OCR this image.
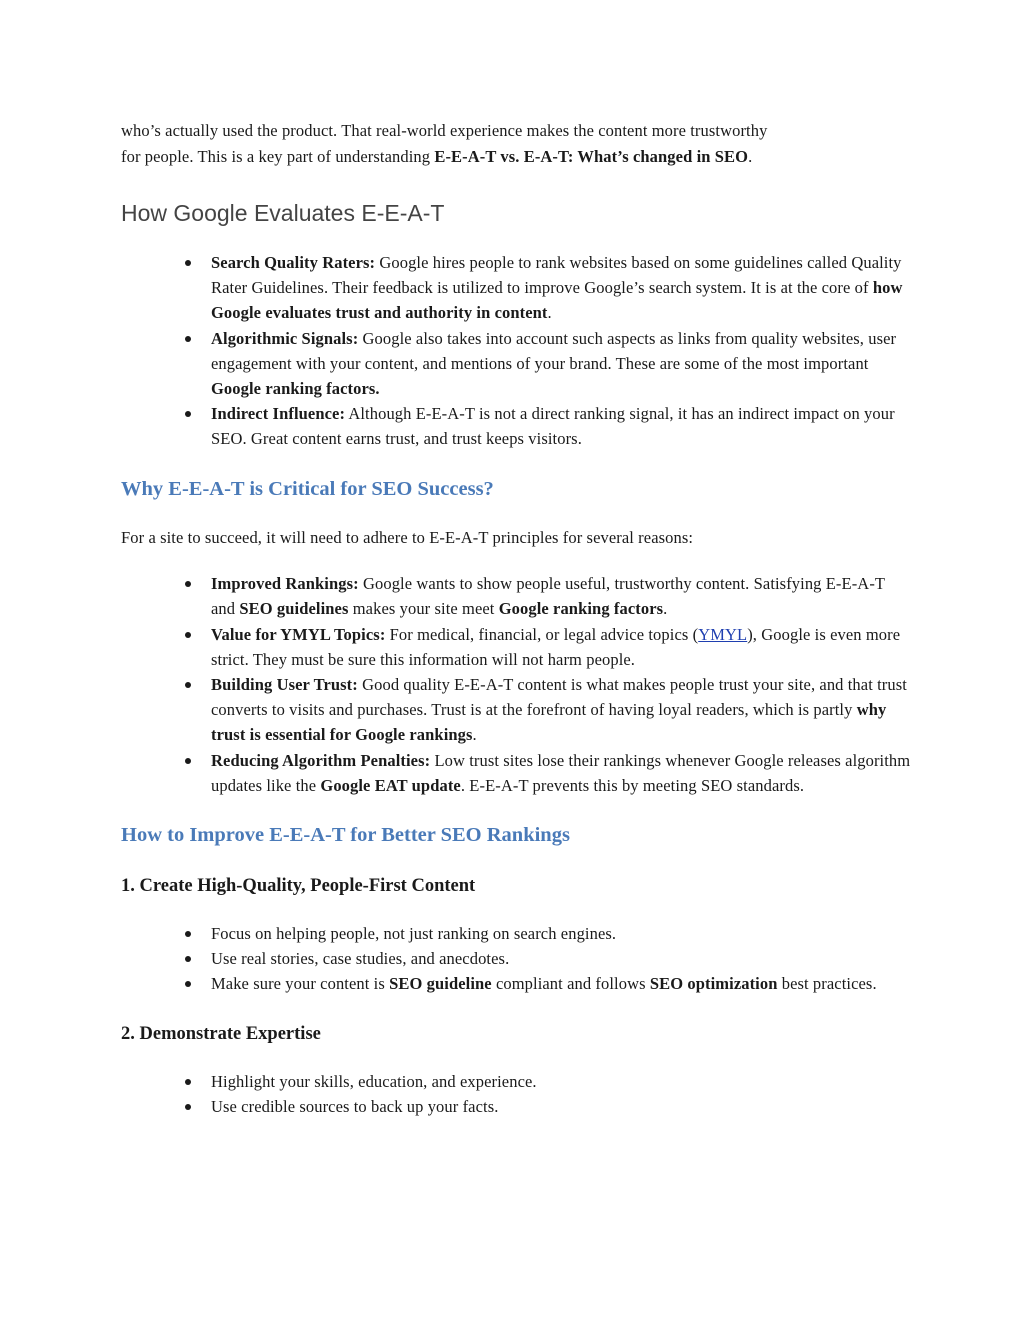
who’s actually used the product. That real-world experience makes the content more trustworthy
for people. This is a key part of understanding E-E-A-T vs. E-A-T: What’s changed in SEO.

How Google Evaluates E-E-A-T
Search Quality Raters: Google hires people to rank websites based on some guidelines called Quality Rater Guidelines. Their feedback is utilized to improve Google’s search system. It is at the core of how Google evaluates trust and authority in content.
Algorithmic Signals: Google also takes into account such aspects as links from quality websites, user engagement with your content, and mentions of your brand. These are some of the most important Google ranking factors.
Indirect Influence: Although E-E-A-T is not a direct ranking signal, it has an indirect impact on your SEO. Great content earns trust, and trust keeps visitors.
Why E-E-A-T is Critical for SEO Success?

For a site to succeed, it will need to adhere to E-E-A-T principles for several reasons:

Improved Rankings: Google wants to show people useful, trustworthy content. Satisfying E-E-A-T and SEO guidelines makes your site meet Google ranking factors.
Value for YMYL Topics: For medical, financial, or legal advice topics (YMYL), Google is even more strict. They must be sure this information will not harm people.
Building User Trust: Good quality E-E-A-T content is what makes people trust your site, and that trust converts to visits and purchases. Trust is at the forefront of having loyal readers, which is partly why trust is essential for Google rankings.
Reducing Algorithm Penalties: Low trust sites lose their rankings whenever Google releases algorithm updates like the Google EAT update. E-E-A-T prevents this by meeting SEO standards.
How to Improve E-E-A-T for Better SEO Rankings
1. Create High-Quality, People-First Content
Focus on helping people, not just ranking on search engines.
Use real stories, case studies, and anecdotes.
Make sure your content is SEO guideline compliant and follows SEO optimization best practices.
2. Demonstrate Expertise
Highlight your skills, education, and experience.
Use credible sources to back up your facts.
